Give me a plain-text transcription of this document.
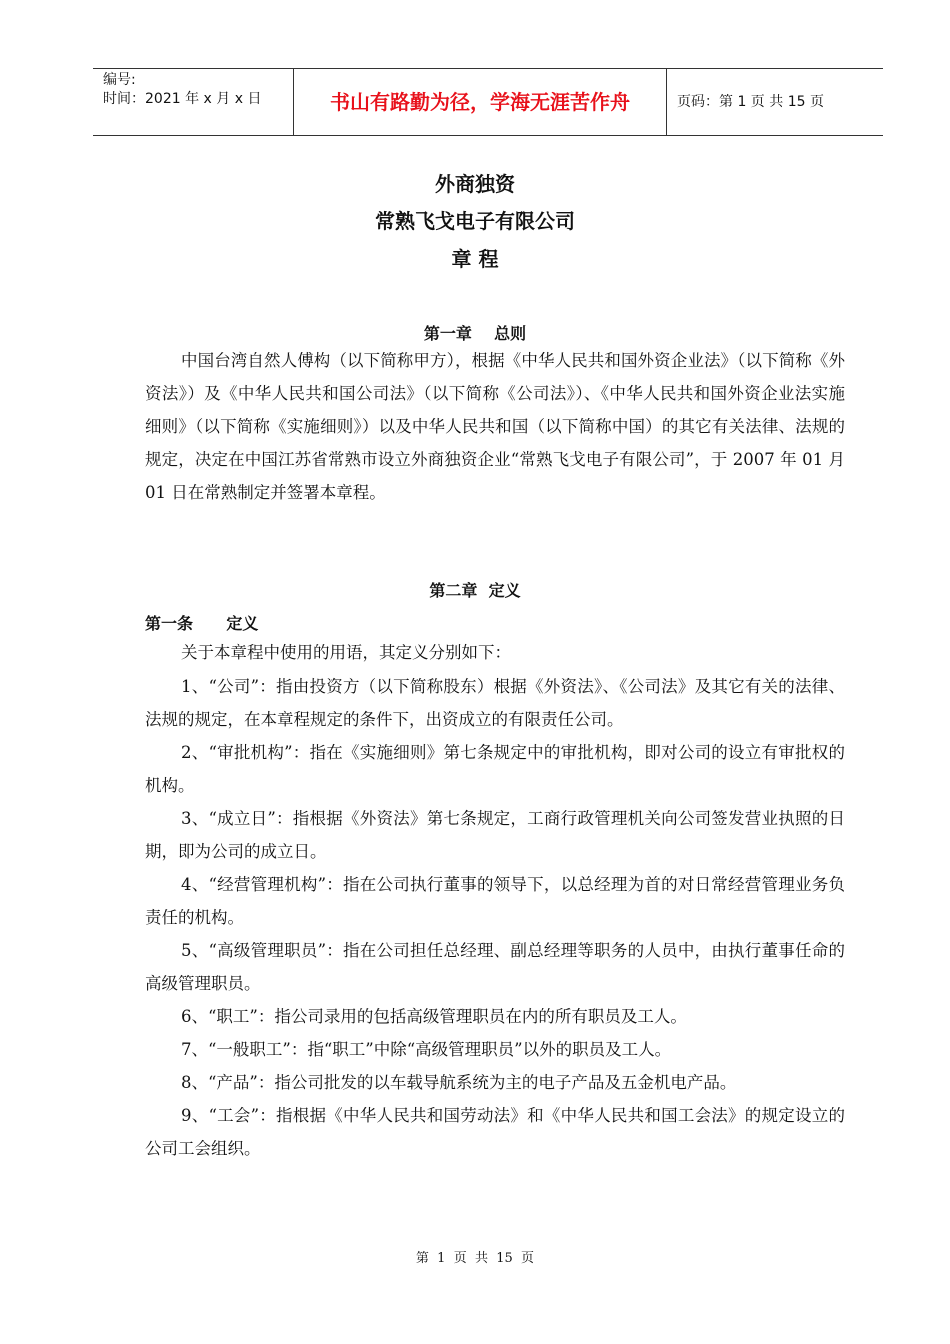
编号:
时间：2021 年 x 月 x 日	书山有路勤为径，学海无涯苦作舟	页码：第 1 页 共 15 页
外商独资
常熟飞戈电子有限公司
章 程
第一章    总则
中国台湾自然人傅构（以下简称甲方），根据《中华人民共和国外资企业法》（以下简称《外资法》）及《中华人民共和国公司法》（以下简称《公司法》）、《中华人民共和国外资企业法实施细则》（以下简称《实施细则》）以及中华人民共和国（以下简称中国）的其它有关法律、法规的规定，决定在中国江苏省常熟市设立外商独资企业“常熟飞戈电子有限公司”，于 2007 年 01 月 01 日在常熟制定并签署本章程。
第二章  定义
第一条      定义
关于本章程中使用的用语，其定义分别如下：
1、“公司”：指由投资方（以下简称股东）根据《外资法》、《公司法》及其它有关的法律、法规的规定，在本章程规定的条件下，出资成立的有限责任公司。
2、“审批机构”：指在《实施细则》第七条规定中的审批机构，即对公司的设立有审批权的机构。
3、“成立日”：指根据《外资法》第七条规定，工商行政管理机关向公司签发营业执照的日期，即为公司的成立日。
4、“经营管理机构”：指在公司执行董事的领导下，以总经理为首的对日常经营管理业务负责任的机构。
5、“高级管理职员”：指在公司担任总经理、副总经理等职务的人员中，由执行董事任命的高级管理职员。
6、“职工”：指公司录用的包括高级管理职员在内的所有职员及工人。
7、“一般职工”：指“职工”中除“高级管理职员”以外的职员及工人。
8、“产品”：指公司批发的以车载导航系统为主的电子产品及五金机电产品。
9、“工会”：指根据《中华人民共和国劳动法》和《中华人民共和国工会法》的规定设立的公司工会组织。
第  1  页  共  15  页
